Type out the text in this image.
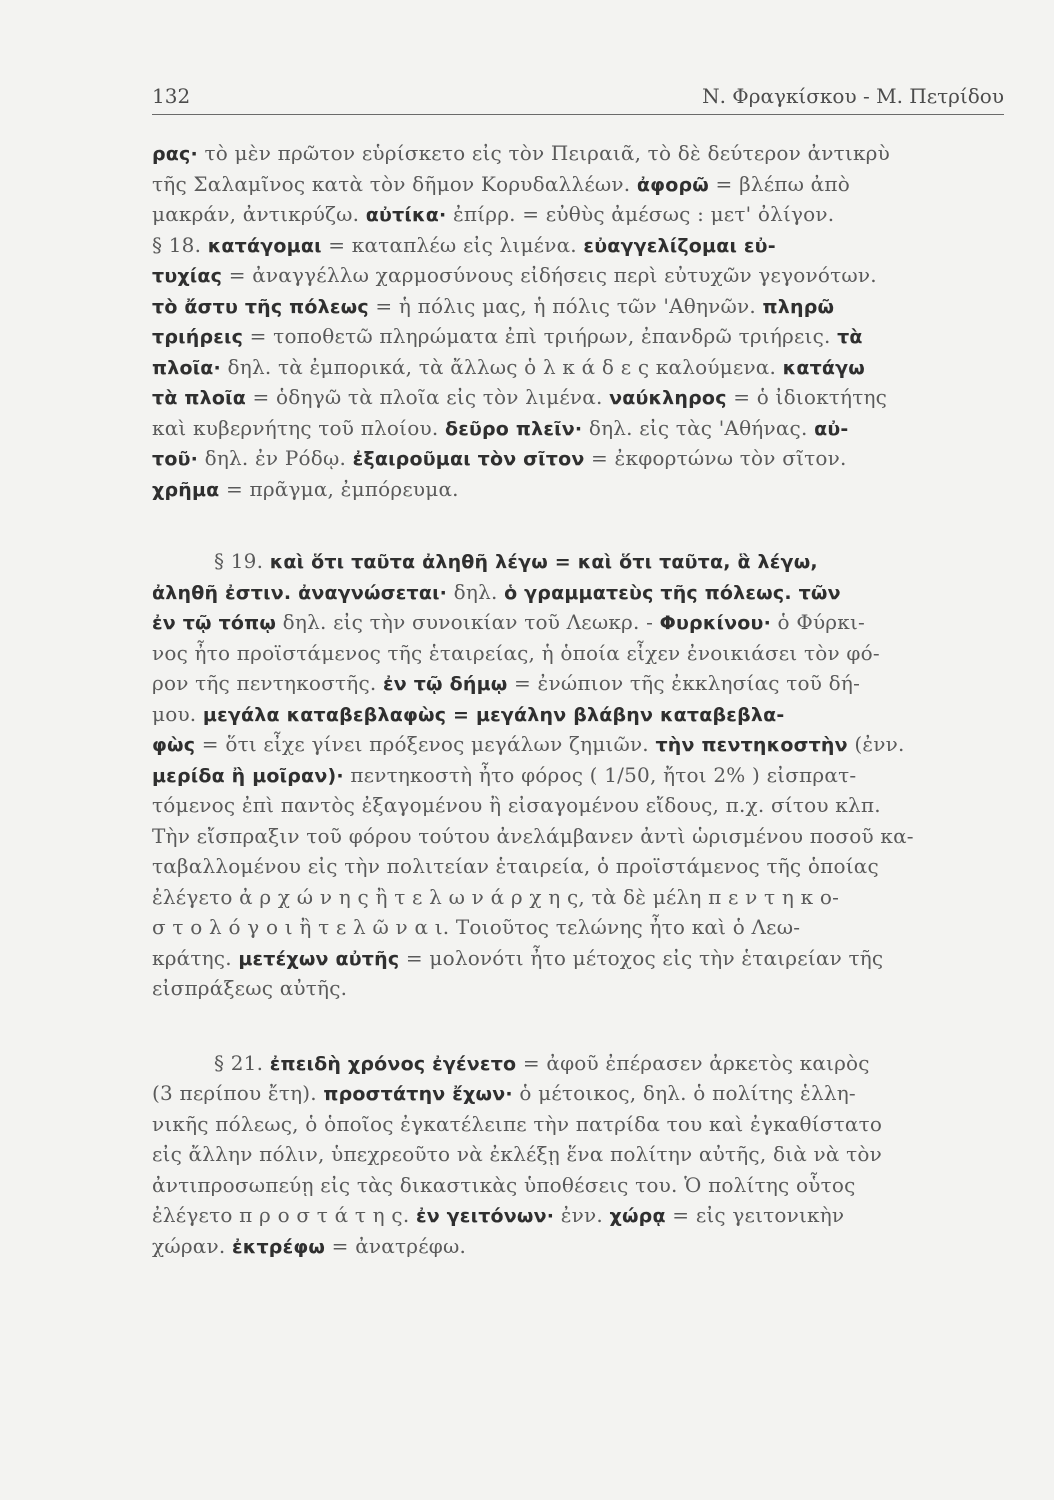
132	Ν. Φραγκίσκου - Μ. Πετρίδου
ρας· τὸ μὲν πρῶτον εὑρίσκετο εἰς τὸν Πειραιᾶ, τὸ δὲ δεύτερον ἀντικρὺ
τῆς Σαλαμῖνος κατὰ τὸν δῆμον Κορυδαλλέων. ἀφορῶ = βλέπω ἀπὸ
μακράν, ἀντικρύζω. αὐτίκα· ἐπίρρ. = εὐθὺς ἀμέσως : μετ' ὀλίγον.
§ 18. κατάγομαι = καταπλέω εἰς λιμένα. εὐαγγελίζομαι εὐ-
τυχίας = ἀναγγέλλω χαρμοσύνους εἰδήσεις περὶ εὐτυχῶν γεγονότων.
τὸ ἄστυ τῆς πόλεως = ἡ πόλις μας, ἡ πόλις τῶν 'Αθηνῶν. πληρῶ
τριήρεις = τοποθετῶ πληρώματα ἐπὶ τριήρων, ἐπανδρῶ τριήρεις. τὰ
πλοῖα· δηλ. τὰ ἐμπορικά, τὰ ἄλλως ὁ λ κ ά δ ε ς καλούμενα. κατάγω
τὰ πλοῖα = ὁδηγῶ τὰ πλοῖα εἰς τὸν λιμένα. ναύκληρος = ὁ ἰδιοκτήτης
καὶ κυβερνήτης τοῦ πλοίου. δεῦρο πλεῖν· δηλ. εἰς τὰς 'Αθήνας. αὐ-
τοῦ· δηλ. ἐν Ρόδῳ. ἐξαιροῦμαι τὸν σῖτον = ἐκφορτώνω τὸν σῖτον.
χρῆμα = πρᾶγμα, ἐμπόρευμα.
§ 19. καὶ ὅτι ταῦτα ἀληθῆ λέγω = καὶ ὅτι ταῦτα, ἃ λέγω,
ἀληθῆ ἐστιν. ἀναγνώσεται· δηλ. ὁ γραμματεὺς τῆς πόλεως. τῶν
ἐν τῷ τόπῳ δηλ. εἰς τὴν συνοικίαν τοῦ Λεωκρ. - Φυρκίνου· ὁ Φύρκι-
νος ἦτο προϊστάμενος τῆς ἑταιρείας, ἡ ὁποία εἶχεν ἐνοικιάσει τὸν φό-
ρον τῆς πεντηκοστῆς. ἐν τῷ δήμῳ = ἐνώπιον τῆς ἐκκλησίας τοῦ δή-
μου. μεγάλα καταβεβλαφὼς = μεγάλην βλάβην καταβεβλα-
φὼς = ὅτι εἶχε γίνει πρόξενος μεγάλων ζημιῶν. τὴν πεντηκοστὴν (ἐνν.
μερίδα ἢ μοῖραν)· πεντηκοστὴ ἦτο φόρος ( 1/50, ἤτοι 2% ) εἰσπρατ-
τόμενος ἐπὶ παντὸς ἐξαγομένου ἢ εἰσαγομένου εἴδους, π.χ. σίτου κλπ.
Τὴν εἴσπραξιν τοῦ φόρου τούτου ἀνελάμβανεν ἀντὶ ὡρισμένου ποσοῦ κα-
ταβαλλομένου εἰς τὴν πολιτείαν ἑταιρεία, ὁ προϊστάμενος τῆς ὁποίας
ἐλέγετο ἀ ρ χ ώ ν η ς ἢ τ ε λ ω ν ά ρ χ η ς, τὰ δὲ μέλη π ε ν τ η κ ο-
σ τ ο λ ό γ ο ι ἢ τ ε λ ῶ ν α ι. Τοιοῦτος τελώνης ἦτο καὶ ὁ Λεω-
κράτης. μετέχων αὐτῆς = μολονότι ἦτο μέτοχος εἰς τὴν ἑταιρείαν τῆς
εἰσπράξεως αὐτῆς.
§ 21. ἐπειδὴ χρόνος ἐγένετο = ἀφοῦ ἐπέρασεν ἀρκετὸς καιρὸς
(3 περίπου ἔτη). προστάτην ἔχων· ὁ μέτοικος, δηλ. ὁ πολίτης ἑλλη-
νικῆς πόλεως, ὁ ὁποῖος ἐγκατέλειπε τὴν πατρίδα του καὶ ἐγκαθίστατο
εἰς ἄλλην πόλιν, ὑπεχρεοῦτο νὰ ἐκλέξῃ ἕνα πολίτην αὐτῆς, διὰ νὰ τὸν
ἀντιπροσωπεύῃ εἰς τὰς δικαστικὰς ὑποθέσεις του. Ὁ πολίτης οὗτος
ἐλέγετο π ρ ο σ τ ά τ η ς. ἐν γειτόνων· ἐνν. χώρᾳ = εἰς γειτονικὴν
χώραν. ἐκτρέφω = ἀνατρέφω.
